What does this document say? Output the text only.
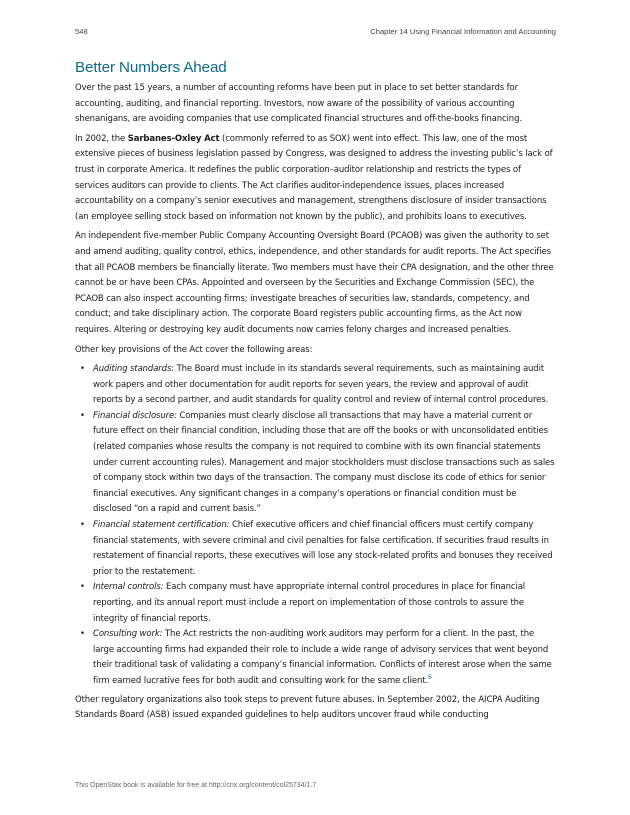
548	Chapter 14 Using Financial Information and Accounting
Better Numbers Ahead

Over the past 15 years, a number of accounting reforms have been put in place to set better standards for accounting, auditing, and financial reporting. Investors, now aware of the possibility of various accounting shenanigans, are avoiding companies that use complicated financial structures and off-the-books financing.

In 2002, the Sarbanes-Oxley Act (commonly referred to as SOX) went into effect. This law, one of the most extensive pieces of business legislation passed by Congress, was designed to address the investing public’s lack of trust in corporate America. It redefines the public corporation–auditor relationship and restricts the types of services auditors can provide to clients. The Act clarifies auditor-independence issues, places increased accountability on a company’s senior executives and management, strengthens disclosure of insider transactions (an employee selling stock based on information not known by the public), and prohibits loans to executives.

An independent five-member Public Company Accounting Oversight Board (PCAOB) was given the authority to set and amend auditing, quality control, ethics, independence, and other standards for audit reports. The Act specifies that all PCAOB members be financially literate. Two members must have their CPA designation, and the other three cannot be or have been CPAs. Appointed and overseen by the Securities and Exchange Commission (SEC), the PCAOB can also inspect accounting firms; investigate breaches of securities law, standards, competency, and conduct; and take disciplinary action. The corporate Board registers public accounting firms, as the Act now requires. Altering or destroying key audit documents now carries felony charges and increased penalties.

Other key provisions of the Act cover the following areas:

• Auditing standards: The Board must include in its standards several requirements, such as maintaining audit work papers and other documentation for audit reports for seven years, the review and approval of audit reports by a second partner, and audit standards for quality control and review of internal control procedures.
• Financial disclosure: Companies must clearly disclose all transactions that may have a material current or future effect on their financial condition, including those that are off the books or with unconsolidated entities (related companies whose results the company is not required to combine with its own financial statements under current accounting rules). Management and major stockholders must disclose transactions such as sales of company stock within two days of the transaction. The company must disclose its code of ethics for senior financial executives. Any significant changes in a company’s operations or financial condition must be disclosed “on a rapid and current basis.”
• Financial statement certification: Chief executive officers and chief financial officers must certify company financial statements, with severe criminal and civil penalties for false certification. If securities fraud results in restatement of financial reports, these executives will lose any stock-related profits and bonuses they received prior to the restatement.
• Internal controls: Each company must have appropriate internal control procedures in place for financial reporting, and its annual report must include a report on implementation of those controls to assure the integrity of financial reports.
• Consulting work: The Act restricts the non-auditing work auditors may perform for a client. In the past, the large accounting firms had expanded their role to include a wide range of advisory services that went beyond their traditional task of validating a company’s financial information. Conflicts of interest arose when the same firm earned lucrative fees for both audit and consulting work for the same client.$^6$

Other regulatory organizations also took steps to prevent future abuses. In September 2002, the AICPA Auditing Standards Board (ASB) issued expanded guidelines to help auditors uncover fraud while conducting

This OpenStax book is available for free at http://cnx.org/content/col25734/1.7
